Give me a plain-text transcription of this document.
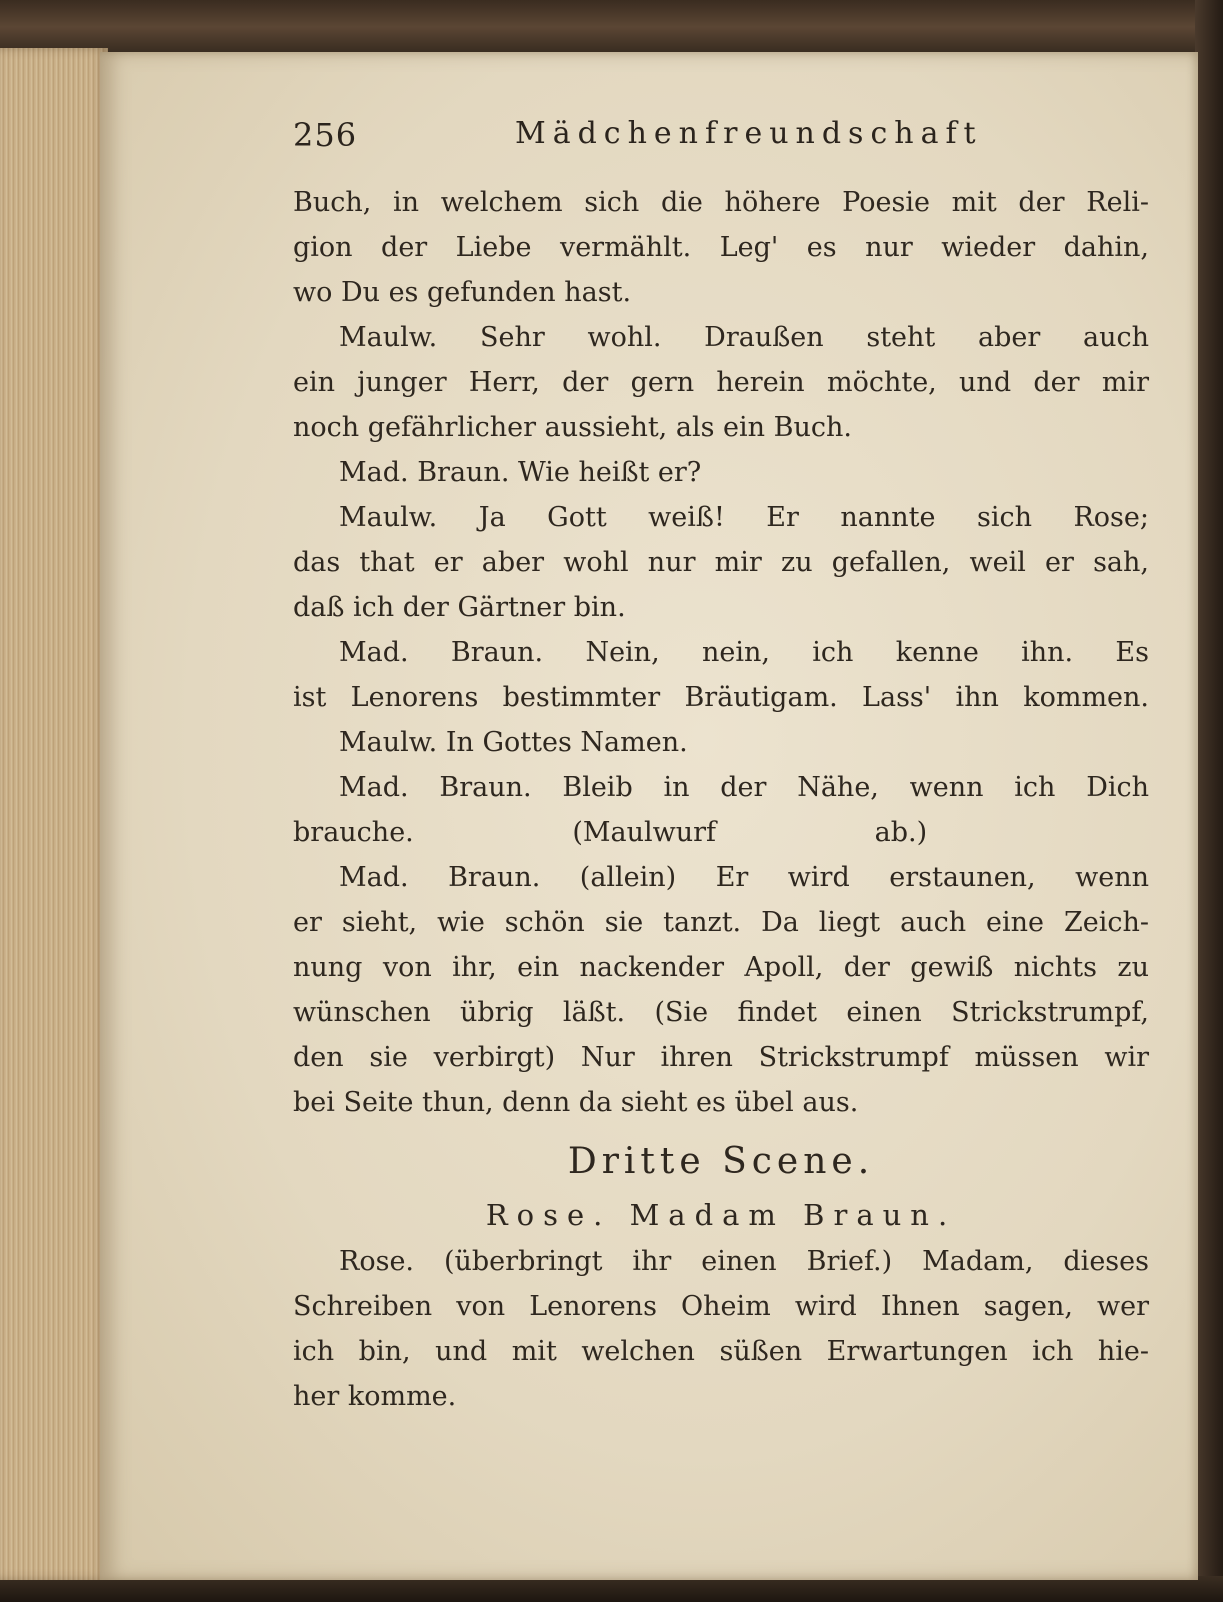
256	Mädchenfreundschaft
Buch, in welchem sich die höhere Poesie mit der Reli-
gion der Liebe vermählt. Leg' es nur wieder dahin,
wo Du es gefunden hast.
Maulw. Sehr wohl. Draußen steht aber auch
ein junger Herr, der gern herein möchte, und der mir
noch gefährlicher aussieht, als ein Buch.
Mad. Braun. Wie heißt er?
Maulw. Ja Gott weiß! Er nannte sich Rose;
das that er aber wohl nur mir zu gefallen, weil er sah,
daß ich der Gärtner bin.
Mad. Braun. Nein, nein, ich kenne ihn. Es
ist Lenorens bestimmter Bräutigam. Lass' ihn kommen.
Maulw. In Gottes Namen.
Mad. Braun. Bleib in der Nähe, wenn ich Dich
brauche. (Maulwurf ab.)
Mad. Braun. (allein) Er wird erstaunen, wenn
er sieht, wie schön sie tanzt. Da liegt auch eine Zeich-
nung von ihr, ein nackender Apoll, der gewiß nichts zu
wünschen übrig läßt. (Sie findet einen Strickstrumpf,
den sie verbirgt) Nur ihren Strickstrumpf müssen wir
bei Seite thun, denn da sieht es übel aus.
Dritte Scene.
Rose. Madam Braun.
Rose. (überbringt ihr einen Brief.) Madam, dieses
Schreiben von Lenorens Oheim wird Ihnen sagen, wer
ich bin, und mit welchen süßen Erwartungen ich hie-
her komme.
